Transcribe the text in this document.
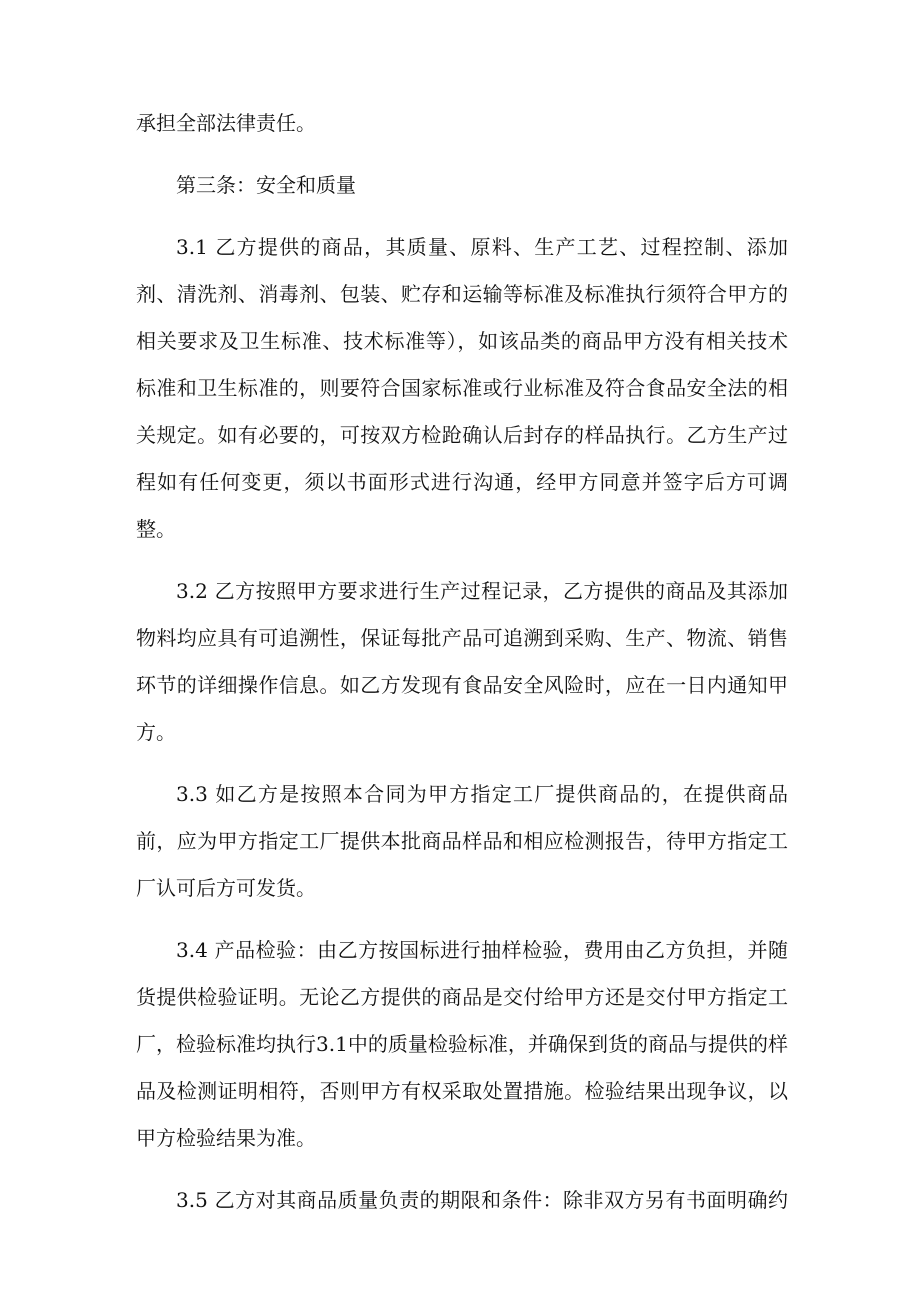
承担全部法律责任。
第三条：安全和质量
3.1 乙方提供的商品，其质量、原料、生产工艺、过程控制、添加
剂、清洗剂、消毒剂、包装、贮存和运输等标准及标准执行须符合甲方的
相关要求及卫生标准、技术标准等），如该品类的商品甲方没有相关技术
标准和卫生标准的，则要符合国家标准或行业标准及符合食品安全法的相
关规定。如有必要的，可按双方检跄确认后封存的样品执行。乙方生产过
程如有任何变更，须以书面形式进行沟通，经甲方同意并签字后方可调
整。
3.2 乙方按照甲方要求进行生产过程记录，乙方提供的商品及其添加
物料均应具有可追溯性，保证每批产品可追溯到采购、生产、物流、销售
环节的详细操作信息。如乙方发现有食品安全风险时，应在一日内通知甲
方。
3.3 如乙方是按照本合同为甲方指定工厂提供商品的，在提供商品
前，应为甲方指定工厂提供本批商品样品和相应检测报告，待甲方指定工
厂认可后方可发货。
3.4 产品检验：由乙方按国标进行抽样检验，费用由乙方负担，并随
货提供检验证明。无论乙方提供的商品是交付给甲方还是交付甲方指定工
厂，检验标准均执行3.1中的质量检验标准，并确保到货的商品与提供的样
品及检测证明相符，否则甲方有权采取处置措施。检验结果出现争议，以
甲方检验结果为准。
3.5 乙方对其商品质量负责的期限和条件：除非双方另有书面明确约
